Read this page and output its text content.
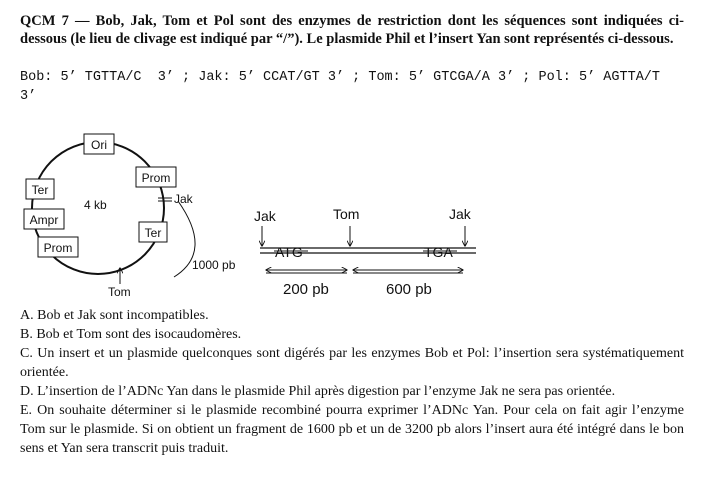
QCM 7 — Bob, Jak, Tom et Pol sont des enzymes de restriction dont les séquences sont indiquées ci-dessous (le lieu de clivage est indiqué par “/”). Le plasmide Phil et l’insert Yan sont représentés ci-dessous.
Bob: 5’ TGTTA/C  3’ ; Jak: 5’ CCAT/GT 3’ ; Tom: 5’ GTCGA/A 3’ ; Pol: 5’ AGTTA/T 3’
Ori
Prom
Jak
Ter
4 kb
Ampr
Ter
Prom
Tom
1000 pb
Jak	Tom	Jak
ATG	TGA
200 pb	600 pb

A. Bob et Jak sont incompatibles.

B. Bob et Tom sont des isocaudomères.

C. Un insert et un plasmide quelconques sont digérés par les enzymes Bob et Pol: l’insertion sera systématiquement orientée.

D. L’insertion de l’ADNc Yan dans le plasmide Phil après digestion par l’enzyme Jak ne sera pas orientée.

E. On souhaite déterminer si le plasmide recombiné pourra exprimer l’ADNc Yan. Pour cela on fait agir l’enzyme Tom sur le plasmide. Si on obtient un fragment de 1600 pb et un de 3200 pb alors l’insert aura été intégré dans le bon sens et Yan sera transcrit puis traduit.
